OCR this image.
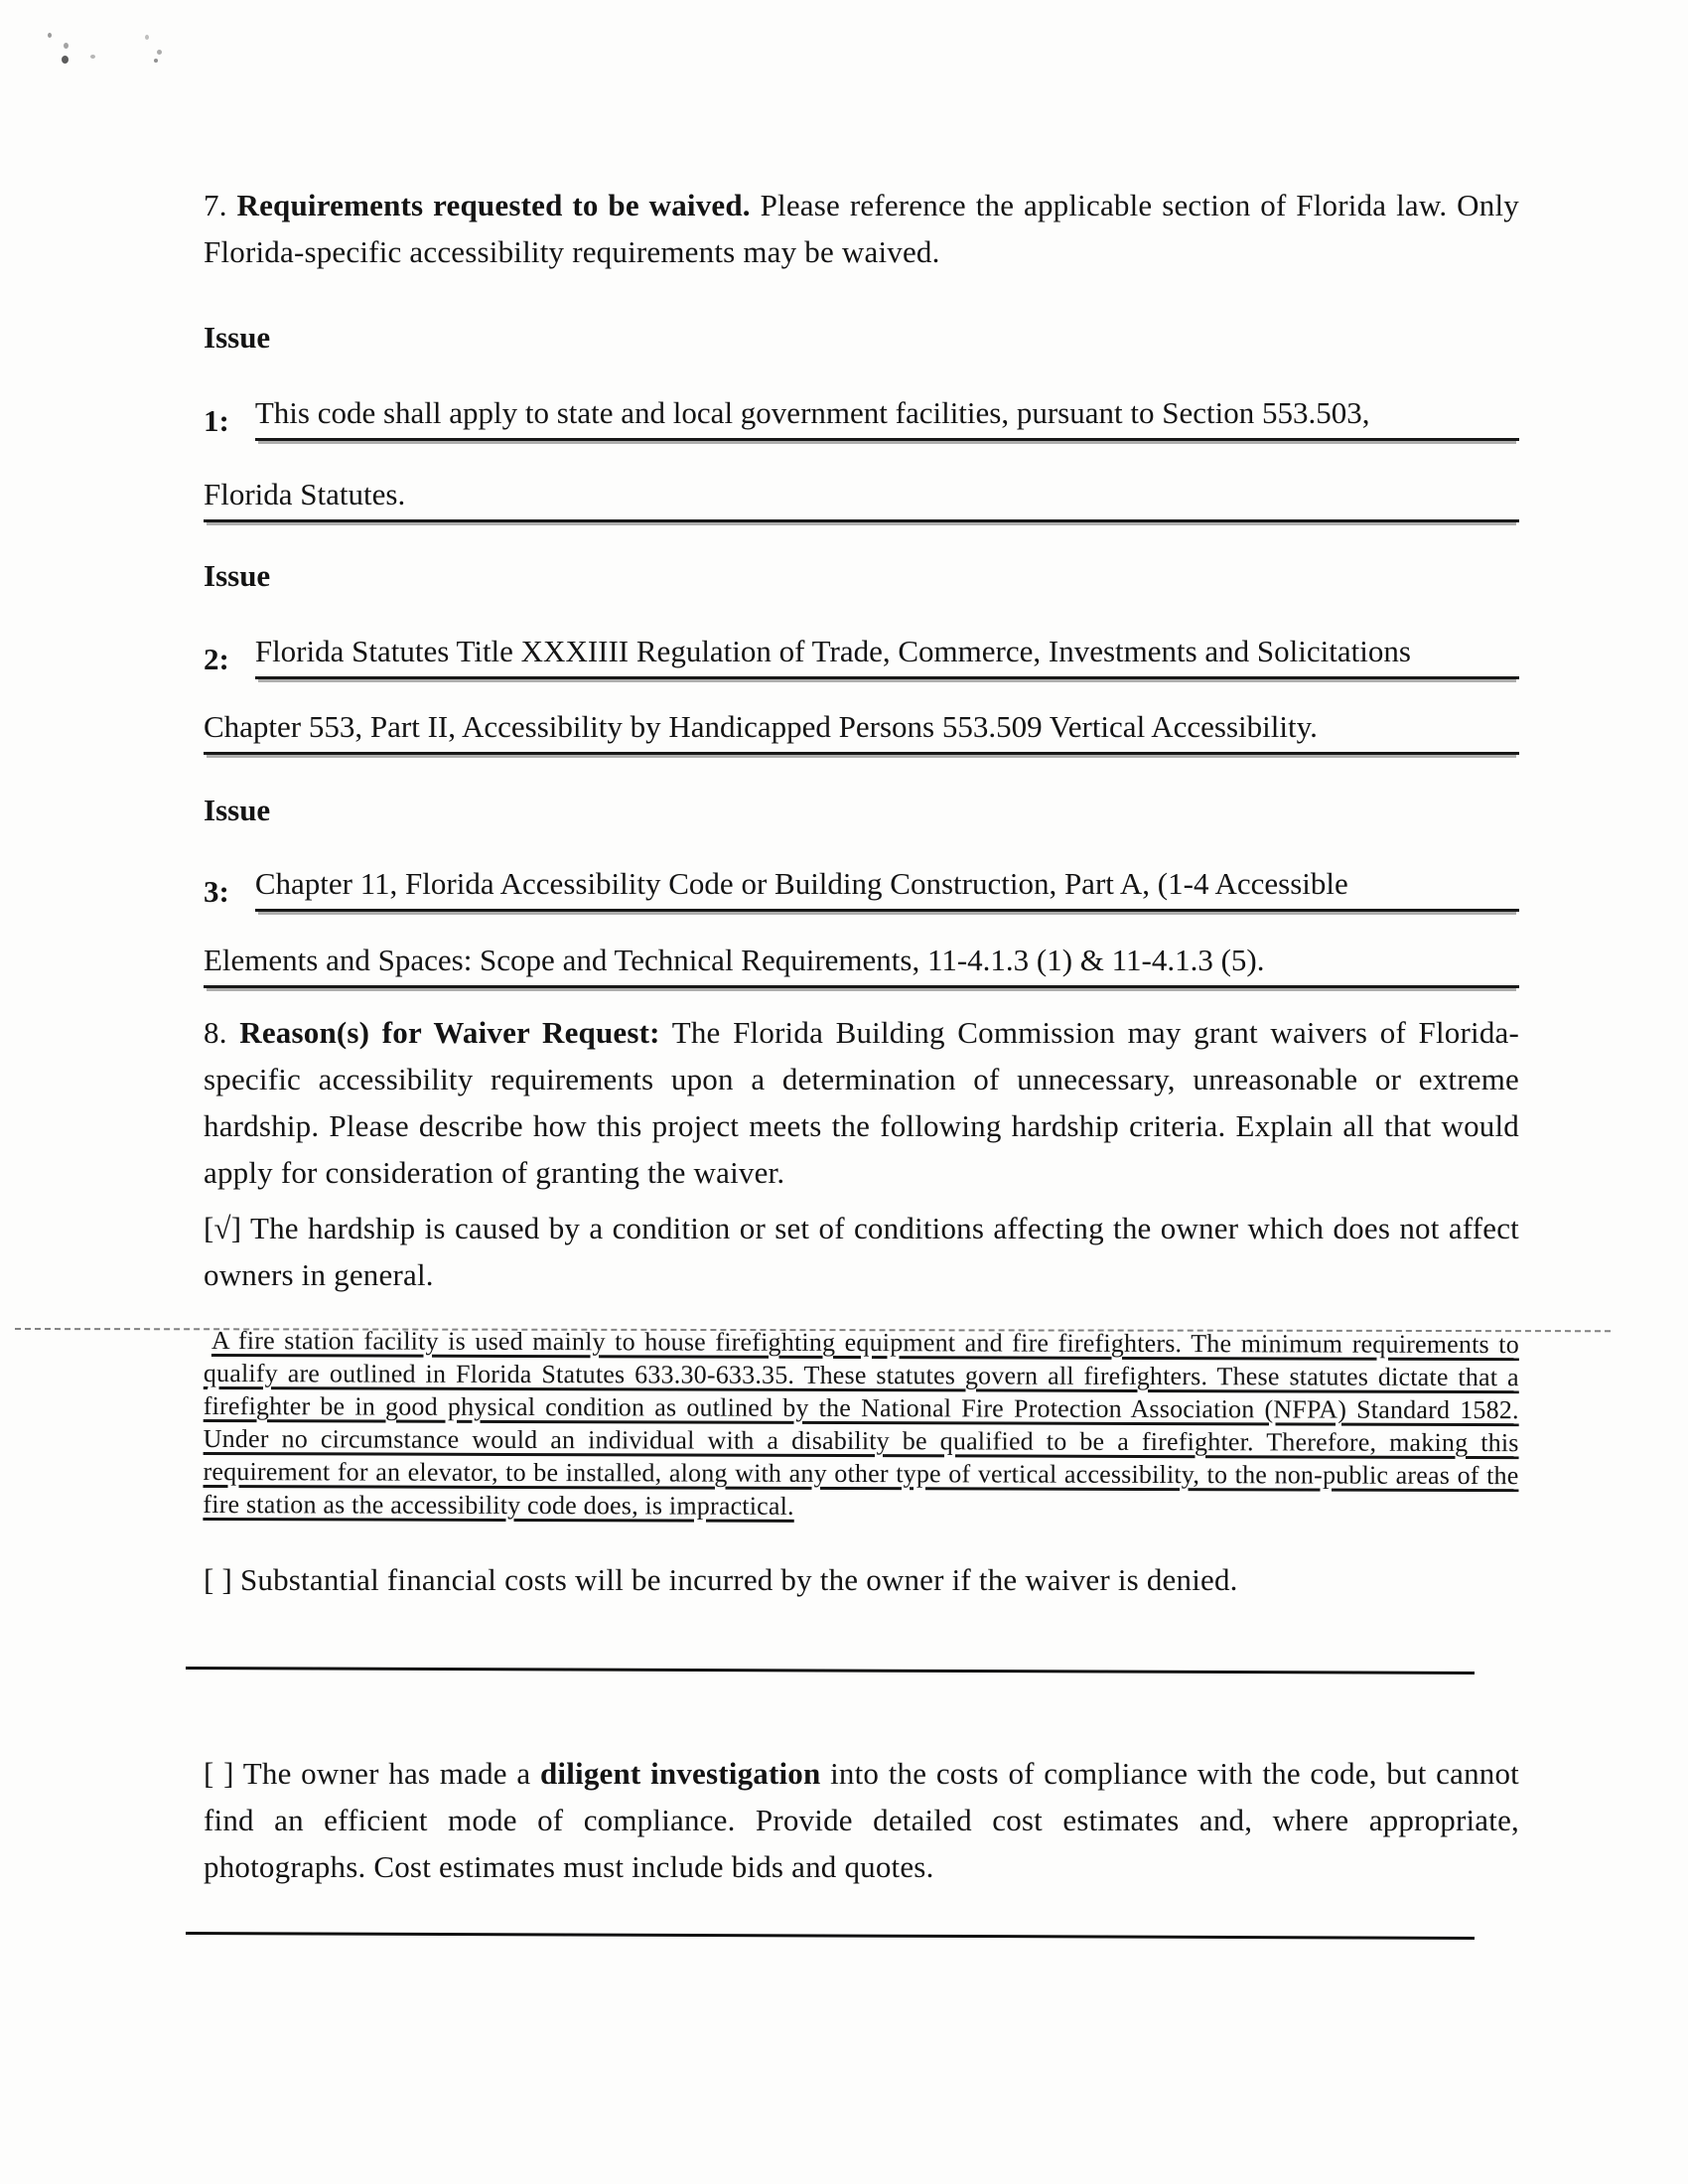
7. Requirements requested to be waived. Please reference the applicable section of Florida law. Only Florida-specific accessibility requirements may be waived.

Issue

1: This code shall apply to state and local government facilities, pursuant to Section 553.503,
Florida Statutes.

Issue

2: Florida Statutes Title XXXIIII Regulation of Trade, Commerce, Investments and Solicitations
Chapter 553, Part II, Accessibility by Handicapped Persons 553.509 Vertical Accessibility.

Issue

3: Chapter 11, Florida Accessibility Code or Building Construction, Part A, (1-4 Accessible
Elements and Spaces: Scope and Technical Requirements, 11-4.1.3 (1) & 11-4.1.3 (5).

8. Reason(s) for Waiver Request: The Florida Building Commission may grant waivers of Florida-specific accessibility requirements upon a determination of unnecessary, unreasonable or extreme hardship. Please describe how this project meets the following hardship criteria. Explain all that would apply for consideration of granting the waiver.

[√] The hardship is caused by a condition or set of conditions affecting the owner which does not affect owners in general.

A fire station facility is used mainly to house firefighting equipment and fire firefighters. The minimum requirements to qualify are outlined in Florida Statutes 633.30-633.35. These statutes govern all firefighters. These statutes dictate that a firefighter be in good physical condition as outlined by the National Fire Protection Association (NFPA) Standard 1582. Under no circumstance would an individual with a disability be qualified to be a firefighter. Therefore, making this requirement for an elevator, to be installed, along with any other type of vertical accessibility, to the non-public areas of the fire station as the accessibility code does, is impractical.

[ ] Substantial financial costs will be incurred by the owner if the waiver is denied.

[ ] The owner has made a diligent investigation into the costs of compliance with the code, but cannot find an efficient mode of compliance. Provide detailed cost estimates and, where appropriate, photographs. Cost estimates must include bids and quotes.
